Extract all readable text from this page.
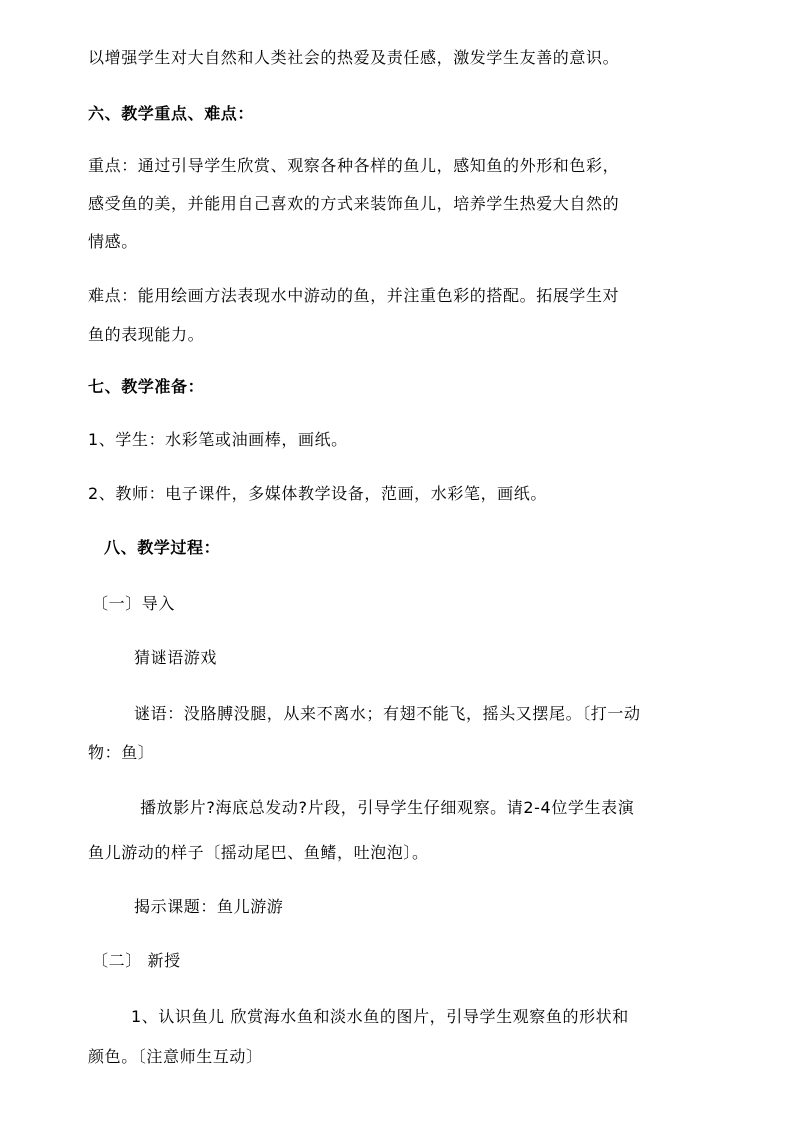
以增强学生对大自然和人类社会的热爱及责任感，激发学生友善的意识。
六、教学重点、难点：
重点：通过引导学生欣赏、观察各种各样的鱼儿，感知鱼的外形和色彩，
感受鱼的美，并能用自己喜欢的方式来装饰鱼儿，培养学生热爱大自然的
情感。
难点：能用绘画方法表现水中游动的鱼，并注重色彩的搭配。拓展学生对
鱼的表现能力。
七、教学准备：
1、学生：水彩笔或油画棒，画纸。
2、教师：电子课件，多媒体教学设备，范画，水彩笔，画纸。
八、教学过程：
〔一〕导入
猜谜语游戏
谜语：没胳膊没腿，从来不离水；有翅不能飞，摇头又摆尾。〔打一动
物：鱼〕
播放影片?海底总发动?片段，引导学生仔细观察。请2-4位学生表演
鱼儿游动的样子〔摇动尾巴、鱼鳍，吐泡泡〕。
揭示课题：鱼儿游游
〔二〕 新授
1、认识鱼儿 欣赏海水鱼和淡水鱼的图片，引导学生观察鱼的形状和
颜色。〔注意师生互动〕
